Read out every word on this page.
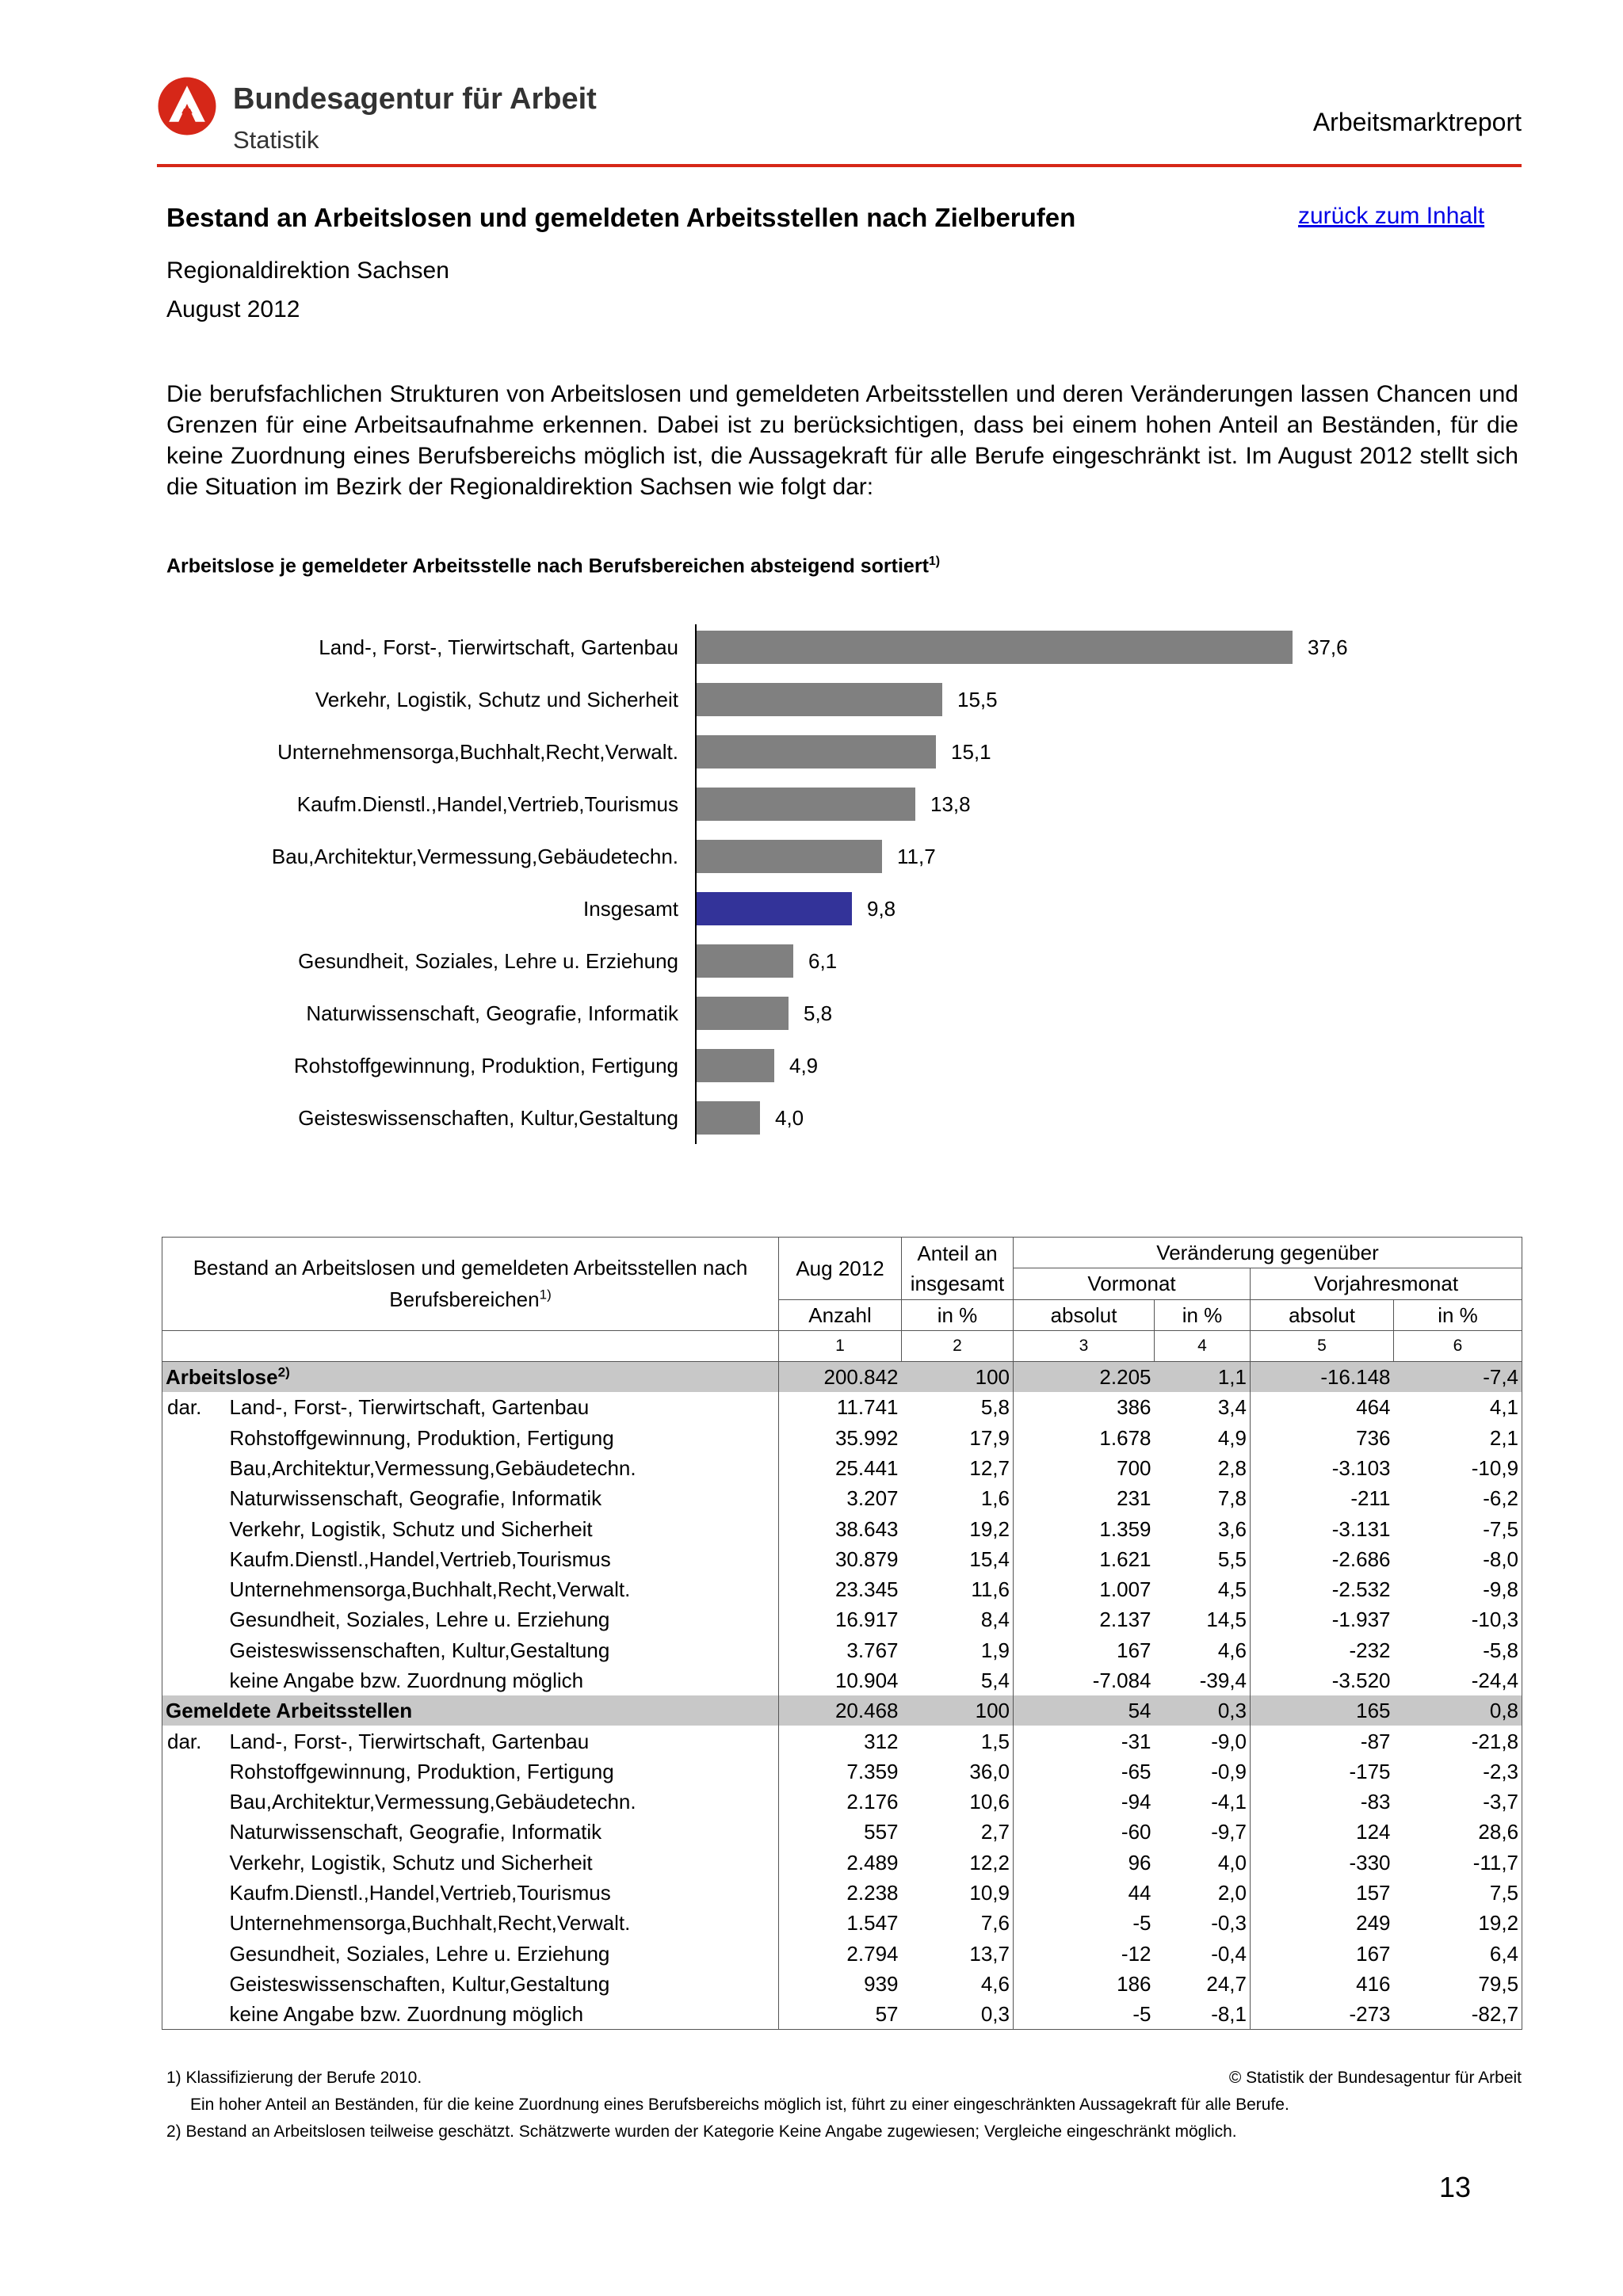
Bundesagentur für Arbeit
Statistik
Arbeitsmarktreport
Bestand an Arbeitslosen und gemeldeten Arbeitsstellen nach Zielberufen	zurück zum Inhalt
Regionaldirektion Sachsen
August 2012
Die berufsfachlichen Strukturen von Arbeitslosen und gemeldeten Arbeitsstellen und deren Veränderungen lassen Chancen und Grenzen für eine Arbeitsaufnahme erkennen. Dabei ist zu berücksichtigen, dass bei einem hohen Anteil an Beständen, für die keine Zuordnung eines Berufsbereichs möglich ist, die Aussagekraft für alle Berufe eingeschränkt ist. Im August 2012 stellt sich die Situation im Bezirk der Regionaldirektion Sachsen wie folgt dar:
Arbeitslose je gemeldeter Arbeitsstelle nach Berufsbereichen absteigend sortiert$^{1)}$
Land-, Forst-, Tierwirtschaft, Gartenbau	37,6
Verkehr, Logistik, Schutz und Sicherheit	15,5
Unternehmensorga,Buchhalt,Recht,Verwalt.	15,1
Kaufm.Dienstl.,Handel,Vertrieb,Tourismus	13,8
Bau,Architektur,Vermessung,Gebäudetechn.	11,7
Insgesamt	9,8
Gesundheit, Soziales, Lehre u. Erziehung	6,1
Naturwissenschaft, Geografie, Informatik	5,8
Rohstoffgewinnung, Produktion, Fertigung	4,9
Geisteswissenschaften, Kultur,Gestaltung	4,0
Bestand an Arbeitslosen und gemeldeten Arbeitsstellen nach Berufsbereichen$^{1)}$		Aug 2012	Anteil an insgesamt	Veränderung gegenüber			
				Vormonat		Vorjahresmonat	
		Anzahl	in %	absolut	in %	absolut	in %
		1	2	3	4	5	6
Arbeitslose$^{2)}$		200.842	100	2.205	1,1	-16.148	-7,4
dar.	Land-, Forst-, Tierwirtschaft, Gartenbau	11.741	5,8	386	3,4	464	4,1
	Rohstoffgewinnung, Produktion, Fertigung	35.992	17,9	1.678	4,9	736	2,1
	Bau,Architektur,Vermessung,Gebäudetechn.	25.441	12,7	700	2,8	-3.103	-10,9
	Naturwissenschaft, Geografie, Informatik	3.207	1,6	231	7,8	-211	-6,2
	Verkehr, Logistik, Schutz und Sicherheit	38.643	19,2	1.359	3,6	-3.131	-7,5
	Kaufm.Dienstl.,Handel,Vertrieb,Tourismus	30.879	15,4	1.621	5,5	-2.686	-8,0
	Unternehmensorga,Buchhalt,Recht,Verwalt.	23.345	11,6	1.007	4,5	-2.532	-9,8
	Gesundheit, Soziales, Lehre u. Erziehung	16.917	8,4	2.137	14,5	-1.937	-10,3
	Geisteswissenschaften, Kultur,Gestaltung	3.767	1,9	167	4,6	-232	-5,8
	keine Angabe bzw. Zuordnung möglich	10.904	5,4	-7.084	-39,4	-3.520	-24,4
Gemeldete Arbeitsstellen		20.468	100	54	0,3	165	0,8
dar.	Land-, Forst-, Tierwirtschaft, Gartenbau	312	1,5	-31	-9,0	-87	-21,8
	Rohstoffgewinnung, Produktion, Fertigung	7.359	36,0	-65	-0,9	-175	-2,3
	Bau,Architektur,Vermessung,Gebäudetechn.	2.176	10,6	-94	-4,1	-83	-3,7
	Naturwissenschaft, Geografie, Informatik	557	2,7	-60	-9,7	124	28,6
	Verkehr, Logistik, Schutz und Sicherheit	2.489	12,2	96	4,0	-330	-11,7
	Kaufm.Dienstl.,Handel,Vertrieb,Tourismus	2.238	10,9	44	2,0	157	7,5
	Unternehmensorga,Buchhalt,Recht,Verwalt.	1.547	7,6	-5	-0,3	249	19,2
	Gesundheit, Soziales, Lehre u. Erziehung	2.794	13,7	-12	-0,4	167	6,4
	Geisteswissenschaften, Kultur,Gestaltung	939	4,6	186	24,7	416	79,5
	keine Angabe bzw. Zuordnung möglich	57	0,3	-5	-8,1	-273	-82,7
1) Klassifizierung der Berufe 2010.	© Statistik der Bundesagentur für Arbeit
Ein hoher Anteil an Beständen, für die keine Zuordnung eines Berufsbereichs möglich ist, führt zu einer eingeschränkten Aussagekraft für alle Berufe.
2) Bestand an Arbeitslosen teilweise geschätzt. Schätzwerte wurden der Kategorie Keine Angabe zugewiesen; Vergleiche eingeschränkt möglich.
13
